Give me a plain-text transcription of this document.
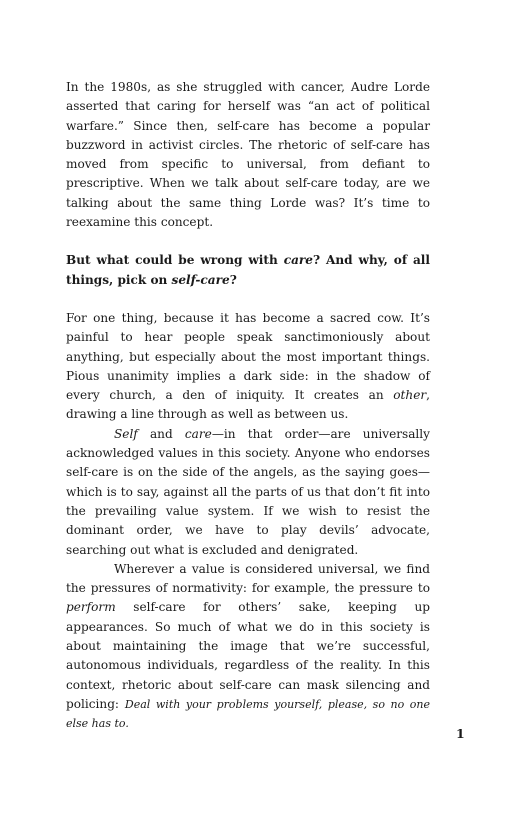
In the 1980s, as she struggled with cancer, Audre Lorde asserted that caring for herself was “an act of political warfare.” Since then, self-care has become a popular buzzword in activist circles. The rhetoric of self-care has moved from specific to universal, from defiant to prescriptive. When we talk about self-care today, are we talking about the same thing Lorde was? It’s time to reexamine this concept.

But what could be wrong with care? And why, of all things, pick on self-care?

For one thing, because it has become a sacred cow. It’s painful to hear people speak sanctimoniously about anything, but especially about the most important things. Pious unanimity implies a dark side: in the shadow of every church, a den of iniquity. It creates an other, drawing a line through as well as between us.

Self and care—in that order—are universally acknowledged values in this society. Anyone who endorses self-care is on the side of the angels, as the saying goes—which is to say, against all the parts of us that don’t fit into the prevailing value system. If we wish to resist the dominant order, we have to play devils’ advocate, searching out what is excluded and denigrated.

Wherever a value is considered universal, we find the pressures of normativity: for example, the pressure to perform self-care for others’ sake, keeping up appearances. So much of what we do in this society is about maintaining the image that we’re successful, autonomous individuals, regardless of the reality. In this context, rhetoric about self-care can mask silencing and policing: Deal with your problems yourself, please, so no one else has to.

1
